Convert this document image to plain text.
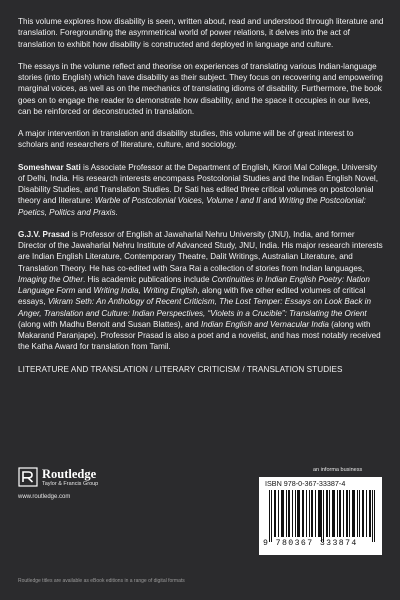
This volume explores how disability is seen, written about, read and understood through literature and translation. Foregrounding the asymmetrical world of power relations, it delves into the act of translation to exhibit how disability is constructed and deployed in language and culture.

The essays in the volume reflect and theorise on experiences of translating various Indian-language stories (into English) which have disability as their subject. They focus on recovering and empowering marginal voices, as well as on the mechanics of translating idioms of disability. Furthermore, the book goes on to engage the reader to demonstrate how disability, and the space it occupies in our lives, can be reinforced or deconstructed in translation.

A major intervention in translation and disability studies, this volume will be of great interest to scholars and researchers of literature, culture, and sociology.

Someshwar Sati is Associate Professor at the Department of English, Kirori Mal College, University of Delhi, India. His research interests encompass Postcolonial Studies and the Indian English Novel, Disability Studies, and Translation Studies. Dr Sati has edited three critical volumes on postcolonial theory and literature: Warble of Postcolonial Voices, Volume I and II and Writing the Postcolonial: Poetics, Politics and Praxis.

G.J.V. Prasad is Professor of English at Jawaharlal Nehru University (JNU), India, and former Director of the Jawaharlal Nehru Institute of Advanced Study, JNU, India. His major research interests are Indian English Literature, Contemporary Theatre, Dalit Writings, Australian Literature, and Translation Theory. He has co-edited with Sara Rai a collection of stories from Indian languages, Imaging the Other. His academic publications include Continuities in Indian English Poetry: Nation Language Form and Writing India, Writing English, along with five other edited volumes of critical essays, Vikram Seth: An Anthology of Recent Criticism, The Lost Temper: Essays on Look Back in Anger, Translation and Culture: Indian Perspectives, “Violets in a Crucible”: Translating the Orient (along with Madhu Benoit and Susan Blattes), and Indian English and Vernacular India (along with Makarand Paranjape). Professor Prasad is also a poet and a novelist, and has most notably received the Katha Award for translation from Tamil.

LITERATURE AND TRANSLATION / LITERARY CRITICISM / TRANSLATION STUDIES

Routledge
Taylor & Francis Group
www.routledge.com
an informa business
ISBN 978-0-367-33387-4
9 780367 333874
Routledge titles are available as eBook editions in a range of digital formats
